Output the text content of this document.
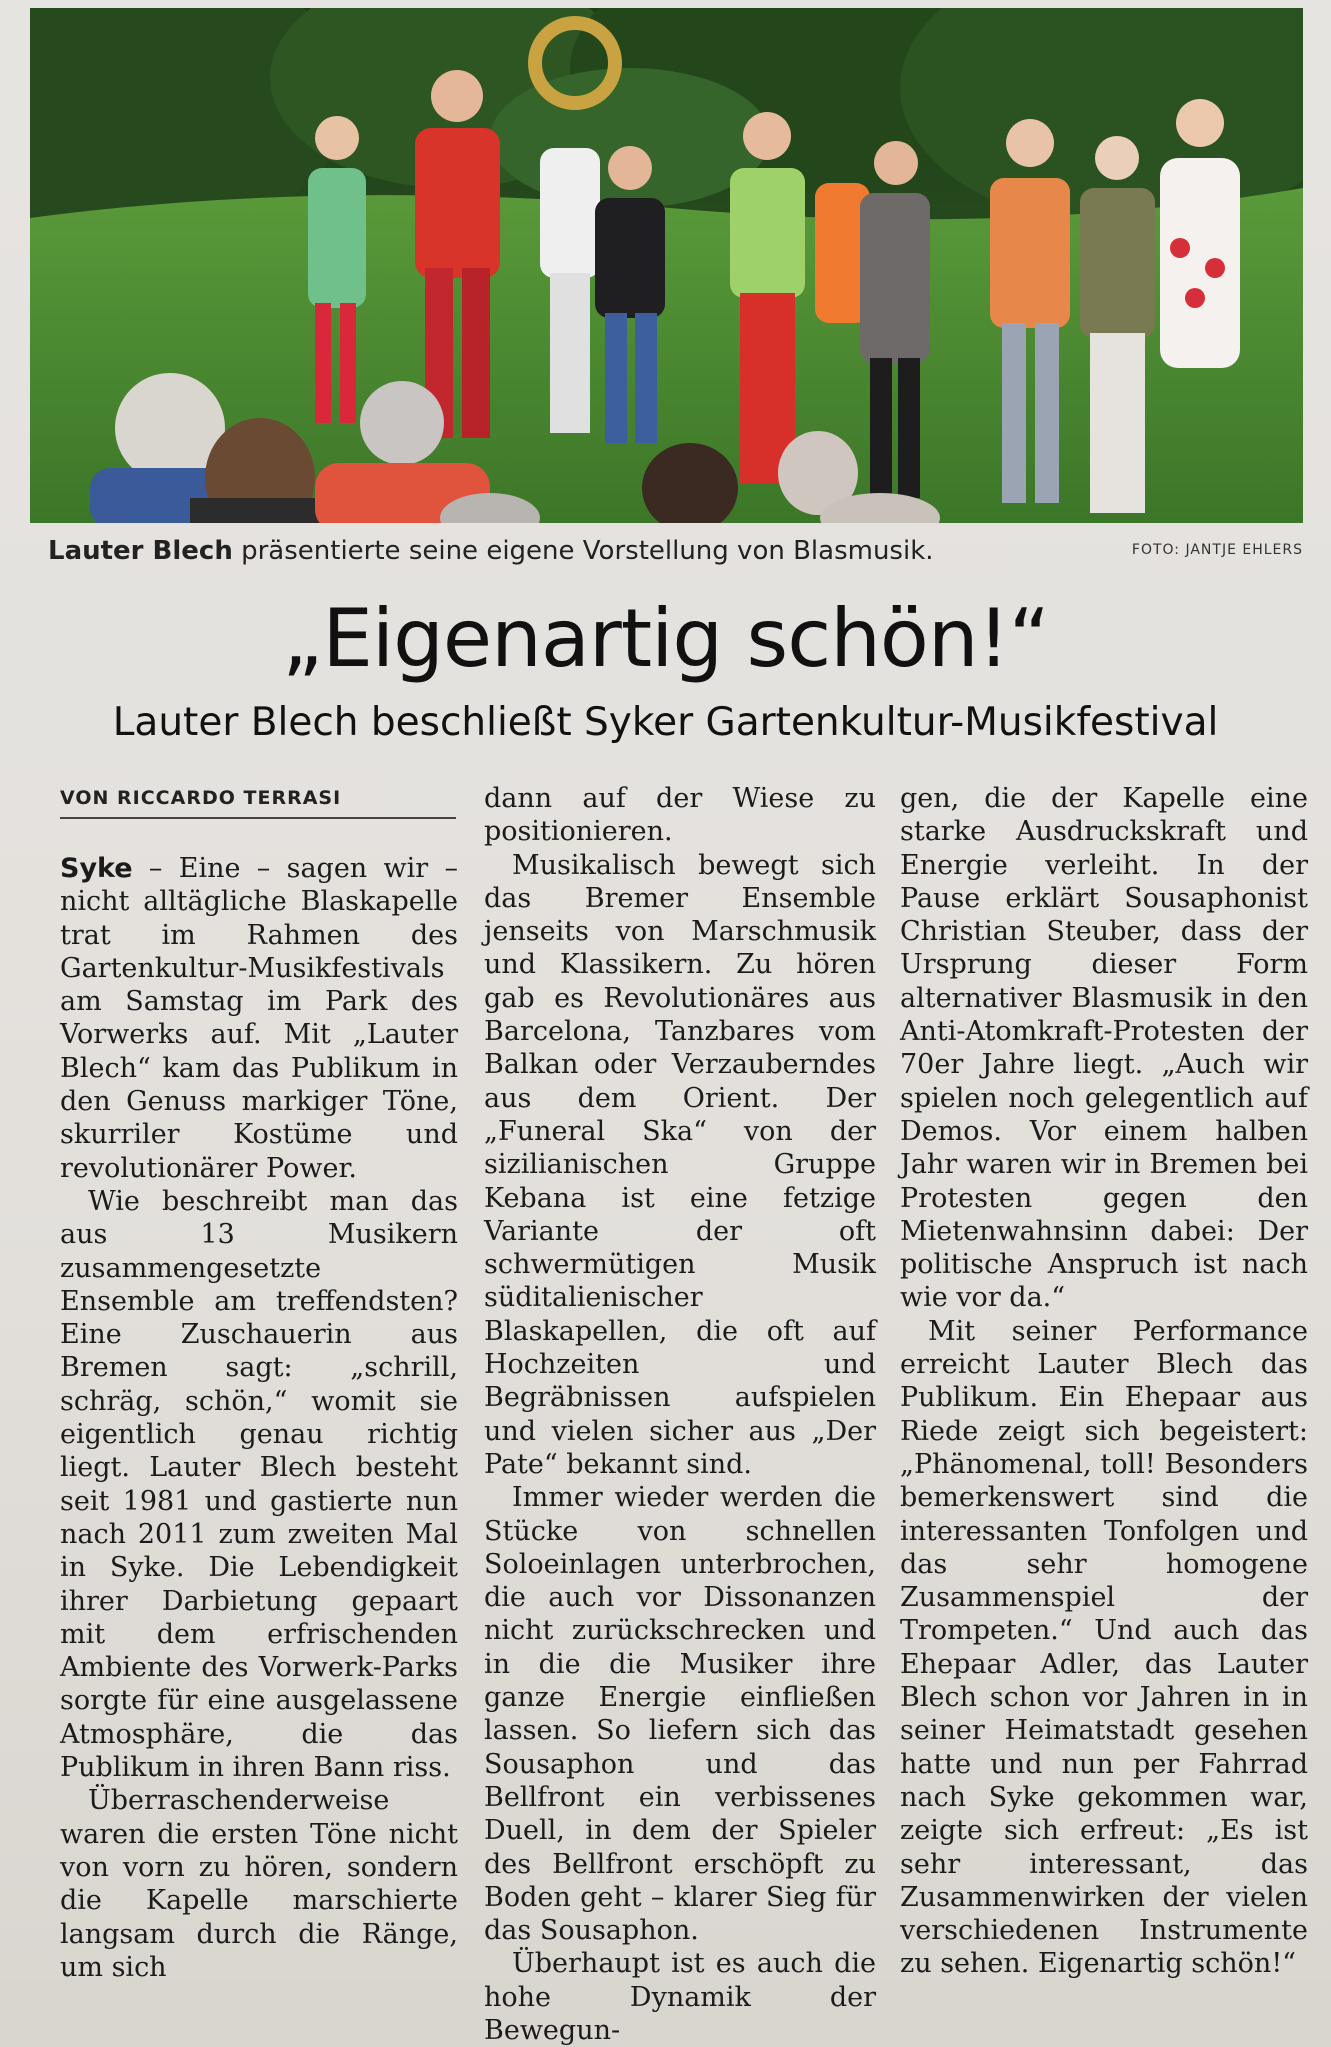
Lauter Blech präsentierte seine eigene Vorstellung von Blasmusik.	FOTO: JANTJE EHLERS
„Eigenartig schön!“
Lauter Blech beschließt Syker Gartenkultur-Musikfestival
VON RICCARDO TERRASI

Syke – Eine – sagen wir – nicht alltägliche Blaskapelle trat im Rahmen des Gartenkultur-Musikfestivals am Samstag im Park des Vorwerks auf. Mit „Lauter Blech“ kam das Publikum in den Genuss markiger Töne, skurriler Kostüme und revolutionärer Power.

Wie beschreibt man das aus 13 Musikern zusammengesetzte Ensemble am treffendsten? Eine Zuschauerin aus Bremen sagt: „schrill, schräg, schön,“ womit sie eigentlich genau richtig liegt. Lauter Blech besteht seit 1981 und gastierte nun nach 2011 zum zweiten Mal in Syke. Die Lebendigkeit ihrer Darbietung gepaart mit dem erfrischenden Ambiente des Vorwerk-Parks sorgte für eine ausgelassene Atmosphäre, die das Publikum in ihren Bann riss.

Überraschenderweise waren die ersten Töne nicht von vorn zu hören, sondern die Kapelle marschierte langsam durch die Ränge, um sich

dann auf der Wiese zu positionieren.

Musikalisch bewegt sich das Bremer Ensemble jenseits von Marschmusik und Klassikern. Zu hören gab es Revolutionäres aus Barcelona, Tanzbares vom Balkan oder Verzauberndes aus dem Orient. Der „Funeral Ska“ von der sizilianischen Gruppe Kebana ist eine fetzige Variante der oft schwermütigen Musik süditalienischer Blaskapellen, die oft auf Hochzeiten und Begräbnissen aufspielen und vielen sicher aus „Der Pate“ bekannt sind.

Immer wieder werden die Stücke von schnellen Soloeinlagen unterbrochen, die auch vor Dissonanzen nicht zurückschrecken und in die die Musiker ihre ganze Energie einfließen lassen. So liefern sich das Sousaphon und das Bellfront ein verbissenes Duell, in dem der Spieler des Bellfront erschöpft zu Boden geht – klarer Sieg für das Sousaphon.

Überhaupt ist es auch die hohe Dynamik der Bewegun-

gen, die der Kapelle eine starke Ausdruckskraft und Energie verleiht. In der Pause erklärt Sousaphonist Christian Steuber, dass der Ursprung dieser Form alternativer Blasmusik in den Anti-Atomkraft-Protesten der 70er Jahre liegt. „Auch wir spielen noch gelegentlich auf Demos. Vor einem halben Jahr waren wir in Bremen bei Protesten gegen den Mietenwahnsinn dabei: Der politische Anspruch ist nach wie vor da.“

Mit seiner Performance erreicht Lauter Blech das Publikum. Ein Ehepaar aus Riede zeigt sich begeistert: „Phänomenal, toll! Besonders bemerkenswert sind die interessanten Tonfolgen und das sehr homogene Zusammenspiel der Trompeten.“ Und auch das Ehepaar Adler, das Lauter Blech schon vor Jahren in in seiner Heimatstadt gesehen hatte und nun per Fahrrad nach Syke gekommen war, zeigte sich erfreut: „Es ist sehr interessant, das Zusammenwirken der vielen verschiedenen Instrumente zu sehen. Eigenartig schön!“
